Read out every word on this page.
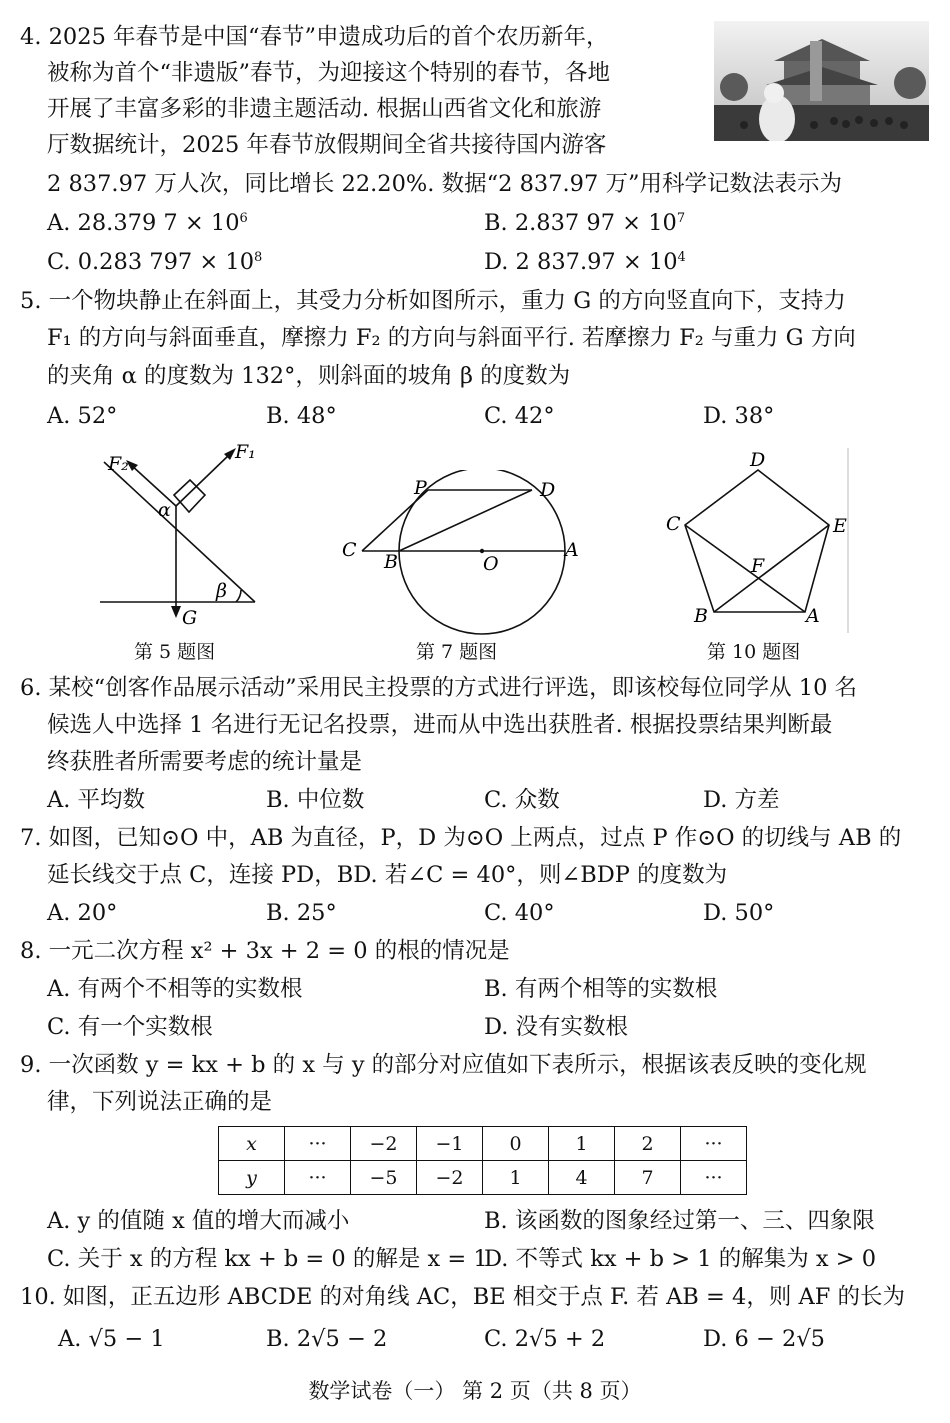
4. 2025 年春节是中国“春节”申遗成功后的首个农历新年，
被称为首个“非遗版”春节，为迎接这个特别的春节，各地
开展了丰富多彩的非遗主题活动. 根据山西省文化和旅游
厅数据统计，2025 年春节放假期间全省共接待国内游客
2 837.97 万人次，同比增长 22.20%. 数据“2 837.97 万”用科学记数法表示为
A. 28.379 $7 \times 10^6$	B. 2.837 $97 \times 10^7$
C. 0.283 $797 \times 10^8$	D. 2 $837.97 \times 10^4$
5. 一个物块静止在斜面上，其受力分析如图所示，重力 G 的方向竖直向下，支持力
F₁ 的方向与斜面垂直，摩擦力 F₂ 的方向与斜面平行. 若摩擦力 F₂ 与重力 G 方向
的夹角 α 的度数为 132°，则斜面的坡角 β 的度数为
A. 52°	B. 48°	C. 42°	D. 38°
F₂
F₁
α
β
G
第 5 题图
P	D
C
B	O
A
第 7 题图
D
C	E
F
B	A
第 10 题图
6. 某校“创客作品展示活动”采用民主投票的方式进行评选，即该校每位同学从 10 名
候选人中选择 1 名进行无记名投票，进而从中选出获胜者. 根据投票结果判断最
终获胜者所需要考虑的统计量是
A. 平均数	B. 中位数	C. 众数	D. 方差
7. 如图，已知⊙O 中，AB 为直径，P，D 为⊙O 上两点，过点 P 作⊙O 的切线与 AB 的
延长线交于点 C，连接 PD，BD. 若∠C = 40°，则∠BDP 的度数为
A. 20°	B. 25°	C. 40°	D. 50°
8. 一元二次方程 x² + 3x + 2 = 0 的根的情况是
A. 有两个不相等的实数根	B. 有两个相等的实数根
C. 有一个实数根	D. 没有实数根
9. 一次函数 y = kx + b 的 x 与 y 的部分对应值如下表所示，根据该表反映的变化规
律，下列说法正确的是
x	···	−2	−1	0	1	2	···
y	···	−5	−2	1	4	7	···
A. y 的值随 x 值的增大而减小	B. 该函数的图象经过第一、三、四象限
C. 关于 x 的方程 kx + b = 0 的解是 x = 1
D. 不等式 kx + b > 1 的解集为 x > 0
10. 如图，正五边形 ABCDE 的对角线 AC，BE 相交于点 F. 若 AB = 4，则 AF 的长为
A. √5 − 1	B. 2√5 − 2	C. 2√5 + 2	D. 6 − 2√5
数学试卷（一） 第 2 页（共 8 页）
